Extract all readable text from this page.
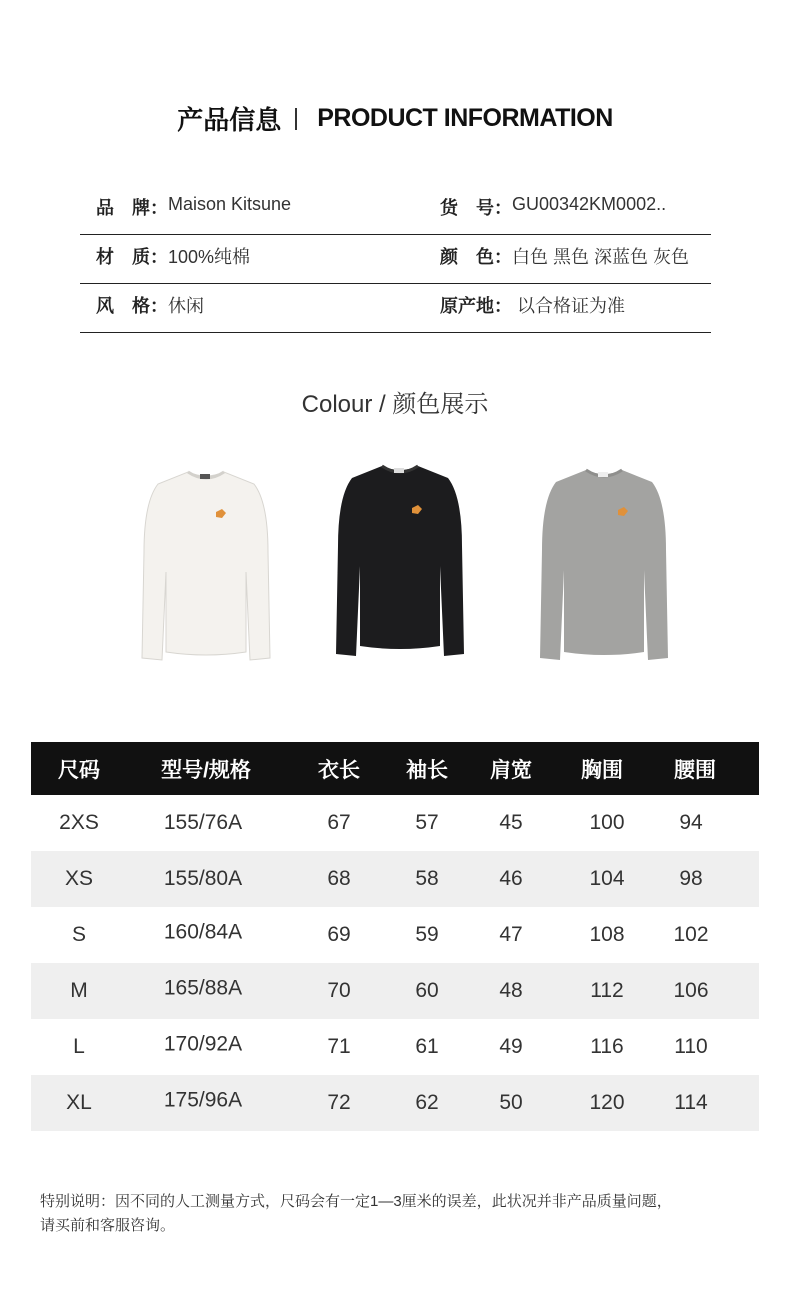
产品信息 PRODUCT INFORMATION
品　牌： Maison Kitsune	货　号： GU00342KM0002..
材　质： 100%纯棉	颜　色： 白色 黑色 深蓝色 灰色
风　格： 休闲	原产地： 以合格证为准
Colour / 颜色展示
尺码	型号/规格	衣长 袖长 肩宽 胸围 腰围
2XS	155/76A	67	57	45	100	94
XS	155/80A	68	58	46	104	98
S	160/84A	69	59	47	108 102
M	165/88A	70	60	48	112 106
L	170/92A	71	61	49	116 110
XL	175/96A	72	62	50	120 114
特别说明：因不同的人工测量方式，尺码会有一定1—3厘米的误差，此状况并非产品质量问题，
请买前和客服咨询。
